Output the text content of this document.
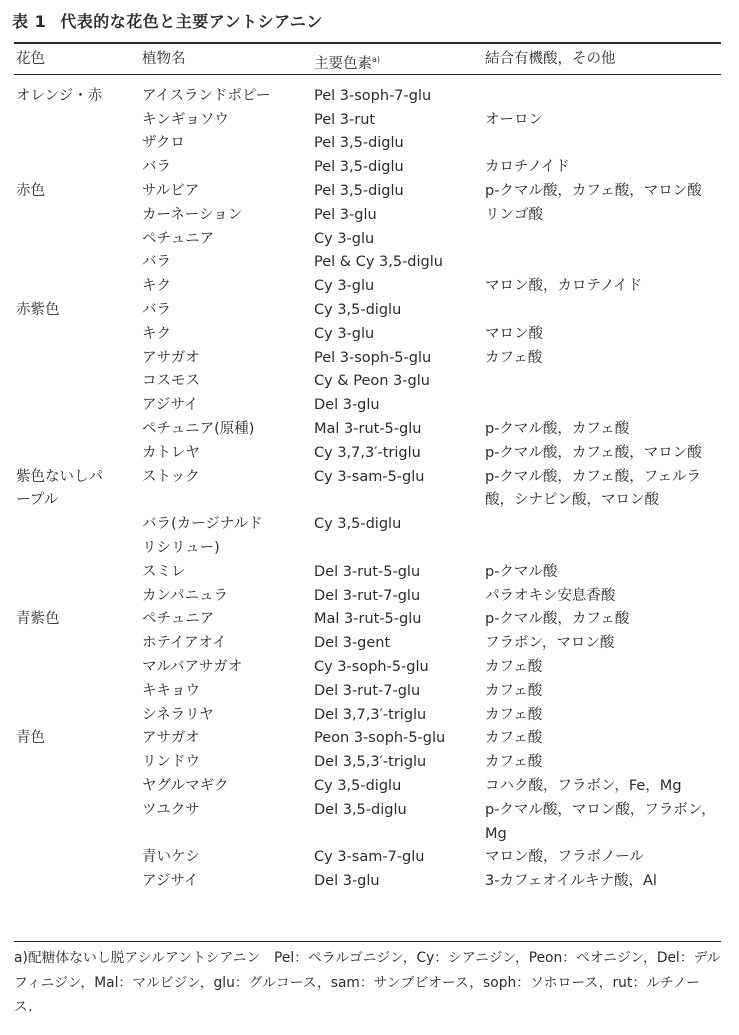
表 1 代表的な花色と主要アントシアニン
花色	植物名	主要色素$^{a)}$	結合有機酸，その他

オレンジ・赤	アイスランドポピー	Pel 3-soph-7-glu	
	キンギョソウ	Pel 3-rut	オーロン
	ザクロ	Pel 3,5-diglu	
	バラ	Pel 3,5-diglu	カロチノイド
赤色	サルビア	Pel 3,5-diglu	p-クマル酸，カフェ酸，マロン酸
	カーネーション	Pel 3-glu	リンゴ酸
	ペチュニア	Cy 3-glu	
	バラ	Pel & Cy 3,5-diglu	
	キク	Cy 3-glu	マロン酸，カロテノイド
赤紫色	バラ	Cy 3,5-diglu	
	キク	Cy 3-glu	マロン酸
	アサガオ	Pel 3-soph-5-glu	カフェ酸
	コスモス	Cy & Peon 3-glu	
	アジサイ	Del 3-glu	
	ペチュニア(原種)	Mal 3-rut-5-glu	p-クマル酸，カフェ酸
	カトレヤ	Cy 3,7,3′-triglu	p-クマル酸，カフェ酸，マロン酸
紫色ないしパープル	ストック	Cy 3-sam-5-glu	p-クマル酸，カフェ酸，フェルラ酸，シナピン酸，マロン酸
	バラ(カージナルドリシリュー)	Cy 3,5-diglu	
	スミレ	Del 3-rut-5-glu	p-クマル酸
	カンパニュラ	Del 3-rut-7-glu	パラオキシ安息香酸
青紫色	ペチュニア	Mal 3-rut-5-glu	p-クマル酸，カフェ酸
	ホテイアオイ	Del 3-gent	フラボン，マロン酸
	マルバアサガオ	Cy 3-soph-5-glu	カフェ酸
	キキョウ	Del 3-rut-7-glu	カフェ酸
	シネラリヤ	Del 3,7,3′-triglu	カフェ酸
青色	アサガオ	Peon 3-soph-5-glu	カフェ酸
	リンドウ	Del 3,5,3′-triglu	カフェ酸
	ヤグルマギク	Cy 3,5-diglu	コハク酸，フラボン，Fe，Mg
	ツユクサ	Del 3,5-diglu	p-クマル酸，マロン酸，フラボン，Mg
	青いケシ	Cy 3-sam-7-glu	マロン酸，フラボノール
	アジサイ	Del 3-glu	3-カフェオイルキナ酸，Al
a)配糖体ないし脱アシルアントシアニン　Pel：ペラルゴニジン，Cy：シアニジン，Peon：ペオニジン，Del：デルフィニジン，Mal：マルビジン，glu：グルコース，sam：サンブビオース，soph：ソホロース，rut：ルチノース．
